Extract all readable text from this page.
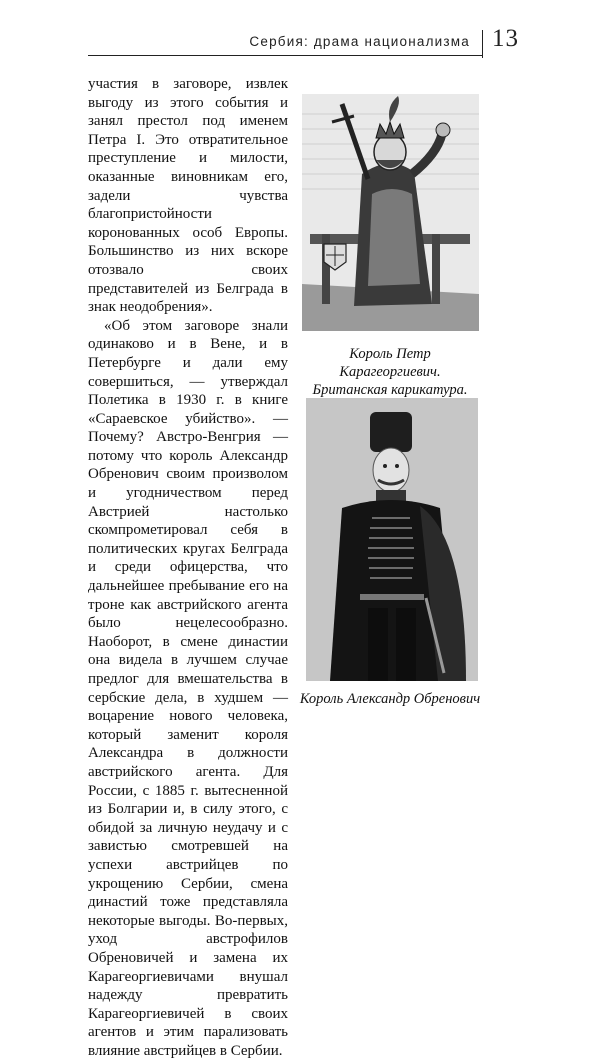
Сербия: драма национализма 13

участия в заговоре, извлек выгоду из этого события и занял престол под именем Петра I. Это отвратительное преступление и милости, оказанные виновникам его, задели чувства благопристойности коронованных особ Европы. Большинство из них вскоре отозвало своих представителей из Белграда в знак неодобрения».

«Об этом заговоре знали одинаково и в Вене, и в Петербурге и дали ему совершиться, — утверждал Полетика в 1930 г. в книге «Сараевское убийство». — Почему? Австро-Венгрия — потому что король Александр Обренович своим произволом и угодничеством перед Австрией настолько скомпрометировал себя в политических кругах Белграда и среди офицерства, что дальнейшее пребывание его на троне как австрийского агента было нецелесообразно. Наоборот, в смене династии она видела в лучшем случае предлог для вмешательства в сербские дела, в худшем — воцарение нового человека, который заменит короля Александра в должности австрийского агента. Для России, с 1885 г. вытесненной из Болгарии и, в силу этого, с обидой за личную неудачу и с завистью смотревшей на успехи австрийцев по укрощению Сербии, смена династий тоже представляла некоторые выгоды. Во-первых, уход австрофилов Обреновичей и замена их Карагеоргиевичами внушал надежду превратить Карагеоргиевичей в своих агентов и этим парализовать влияние австрийцев в Сербии.

Король Петр Карагеоргиевич.
Британская карикатура.
Король Александр Обренович
